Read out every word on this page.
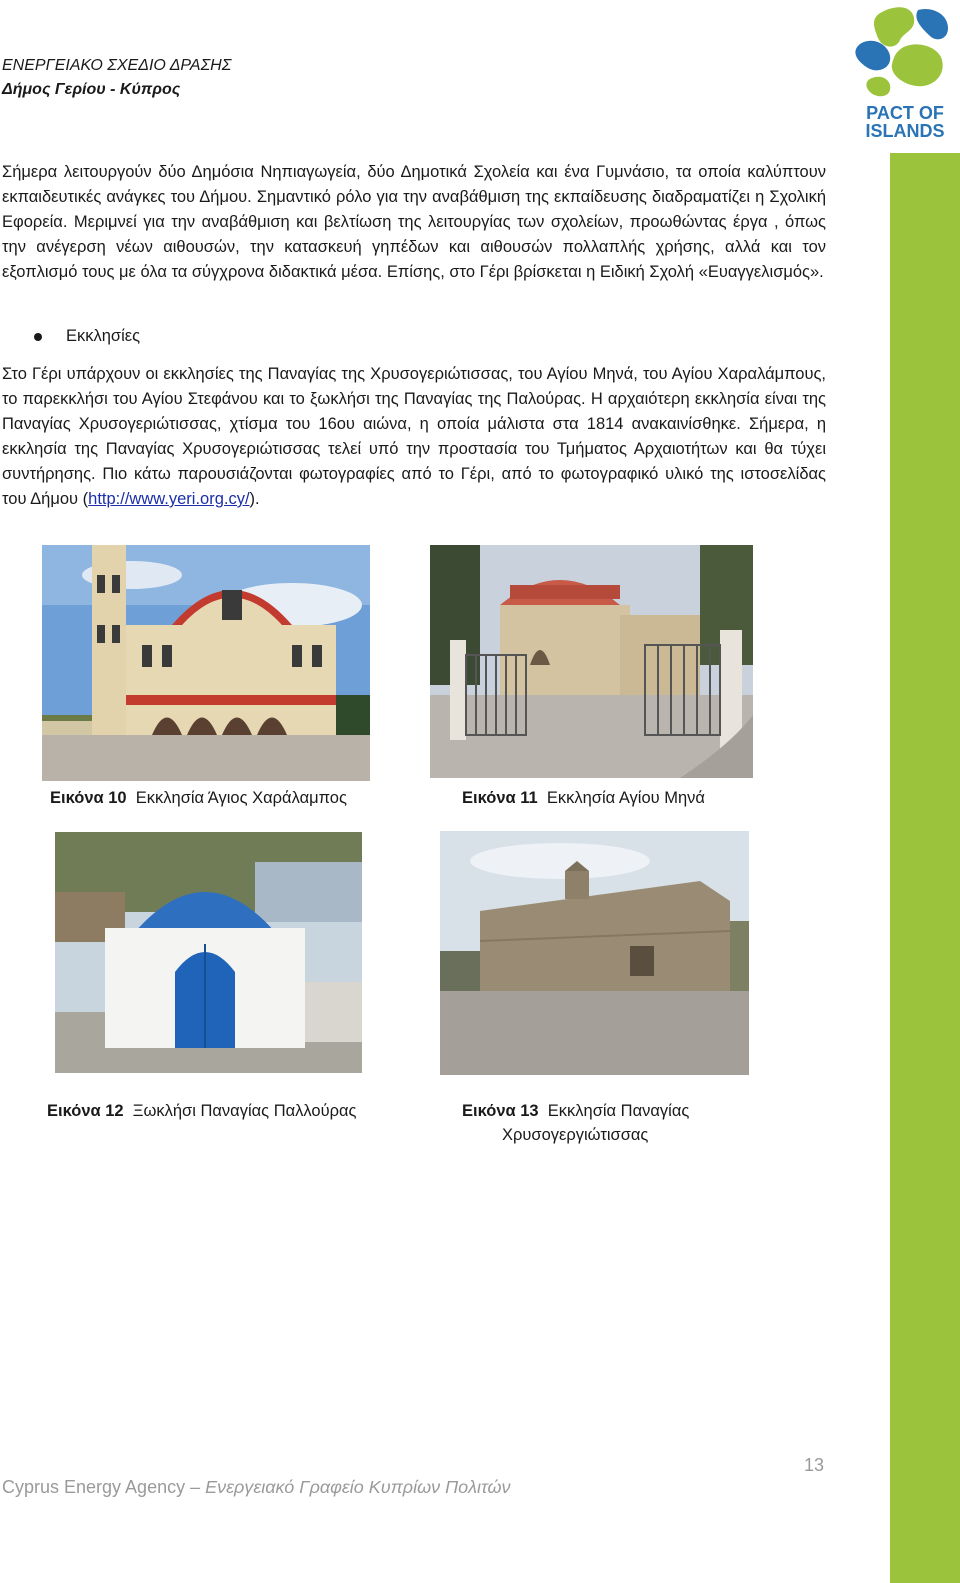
ΕΝΕΡΓΕΙΑΚΟ ΣΧΕΔΙΟ ΔΡΑΣΗΣ
Δήμος Γερίου - Κύπρος
PACT OF
ISLANDS
Σήμερα λειτουργούν δύο Δημόσια Νηπιαγωγεία, δύο Δημοτικά Σχολεία και ένα Γυμνάσιο, τα οποία καλύπτουν εκπαιδευτικές ανάγκες του Δήμου. Σημαντικό ρόλο για την αναβάθμιση της εκπαίδευσης διαδραματίζει η Σχολική Εφορεία. Μεριμνεί για την αναβάθμιση και βελτίωση της λειτουργίας των σχολείων, προωθώντας έργα , όπως την ανέγερση νέων αιθουσών, την κατασκευή γηπέδων και αιθουσών πολλαπλής χρήσης, αλλά και τον εξοπλισμό τους με όλα τα σύγχρονα διδακτικά μέσα. Επίσης, στο Γέρι βρίσκεται η Ειδική Σχολή «Ευαγγελισμός».
Εκκλησίες
Στο Γέρι υπάρχουν οι εκκλησίες της Παναγίας της Χρυσογεριώτισσας, του Αγίου Μηνά, του Αγίου Χαραλάμπους, το παρεκκλήσι του Αγίου Στεφάνου και το ξωκλήσι της Παναγίας της Παλούρας. Η αρχαιότερη εκκλησία είναι της Παναγίας Χρυσογεριώτισσας, χτίσμα του 16ου αιώνα, η οποία μάλιστα στα 1814 ανακαινίσθηκε. Σήμερα, η εκκλησία της Παναγίας Χρυσογεριώτισσας τελεί υπό την προστασία του Τμήματος Αρχαιοτήτων και θα τύχει συντήρησης. Πιο κάτω παρουσιάζονται φωτογραφίες από το Γέρι, από το φωτογραφικό υλικό της ιστοσελίδας του Δήμου (http://www.yeri.org.cy/).
Εικόνα 10 Εκκλησία Άγιος Χαράλαμπος	Εικόνα 11 Εκκλησία Αγίου Μηνά
Εικόνα 12 Ξωκλήσι Παναγίας Παλλούρας	Εικόνα 13 Εκκλησία Παναγίας
Χρυσογεργιώτισσας
13
Cyprus Energy Agency – Ενεργειακό Γραφείο Κυπρίων Πολιτών
